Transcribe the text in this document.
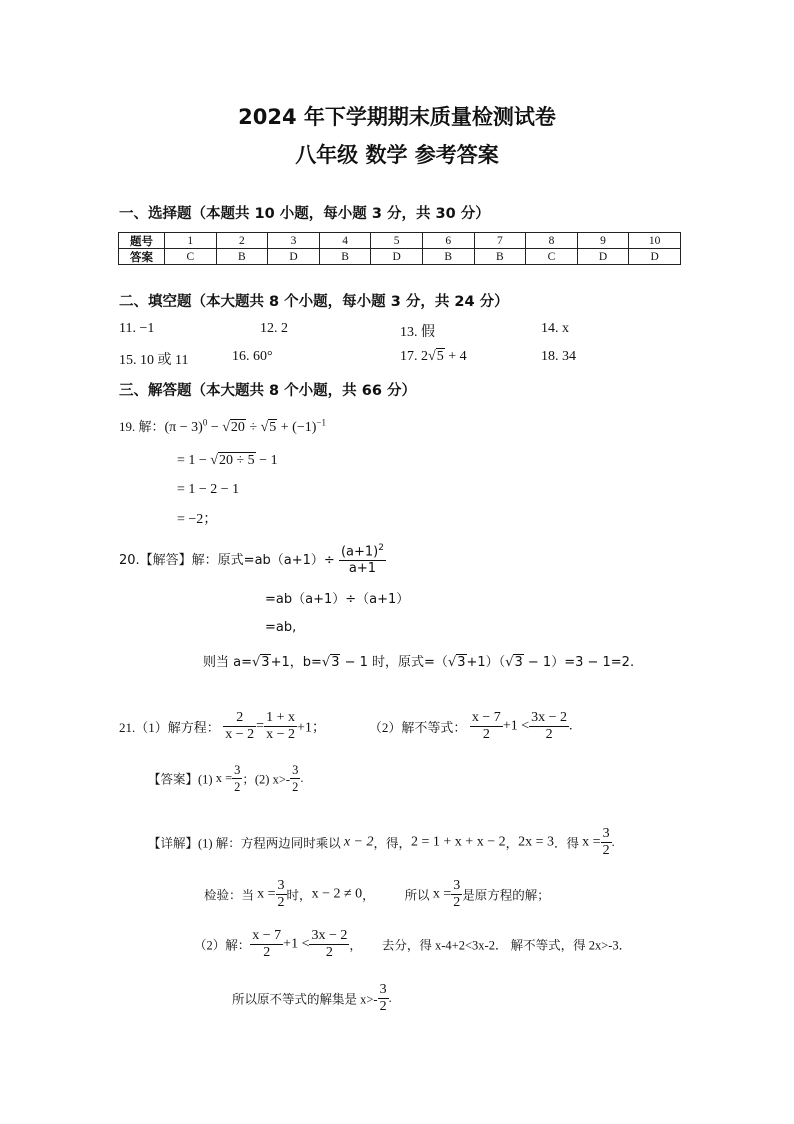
2024 年下学期期末质量检测试卷
八年级 数学 参考答案
一、选择题（本题共 10 小题，每小题 3 分，共 30 分）
题号	1	2	3	4	5	6	7	8	9	10
答案	C	B	D	B	D	B	B	C	D	D
二、填空题（本大题共 8 个小题，每小题 3 分，共 24 分）
11. −1	12. 2	13. 假	14. x
15. 10 或 11	16. 60°	17. 2√5 + 4	18. 34
三、解答题（本大题共 8 个小题，共 66 分）
19. 解：$(\pi - 3)^0 - √20 \div √5 + (-1)^{-1}$
= 1 − √20 ÷ 5 − 1
= 1 − 2 − 1
= −2；
20.【解答】解：原式$=ab(a+1)\div \frac{(a+1)^2}{a+1}$
=ab（a+1）÷（a+1）
=ab,
则当 a=√3+1，b=√3 − 1 时，原式=（√3+1）（√3 − 1）=3 − 1=2.
21.（1）解方程： $\frac{2}{x - 2} = \frac{1 + x}{x - 2} +1$；	（2）解不等式： $\frac{x - 7}{2} +1 < \frac{3x - 2}{2}$ .
【答案】(1) $x = \frac{3}{2}$ ；(2) $x>- \frac{3}{2}$ .
【详解】(1) 解：方程两边同时乘以 x − 2，得，2 = 1 + x + x − 2，2x = 3．得 $x = \frac{3}{2}$ .
检验：当 $x = \frac{3}{2}$ 时，x − 2 ≠ 0， 所以 $x = \frac{3}{2}$ 是原方程的解；
（2）解： $\frac{x - 7}{2} +1 < \frac{3x - 2}{2}$ ， 去分，得 x-4+2<3x-2． 解不等式，得 2x>-3．
所以原不等式的解集是 $x>- \frac{3}{2}$ .
